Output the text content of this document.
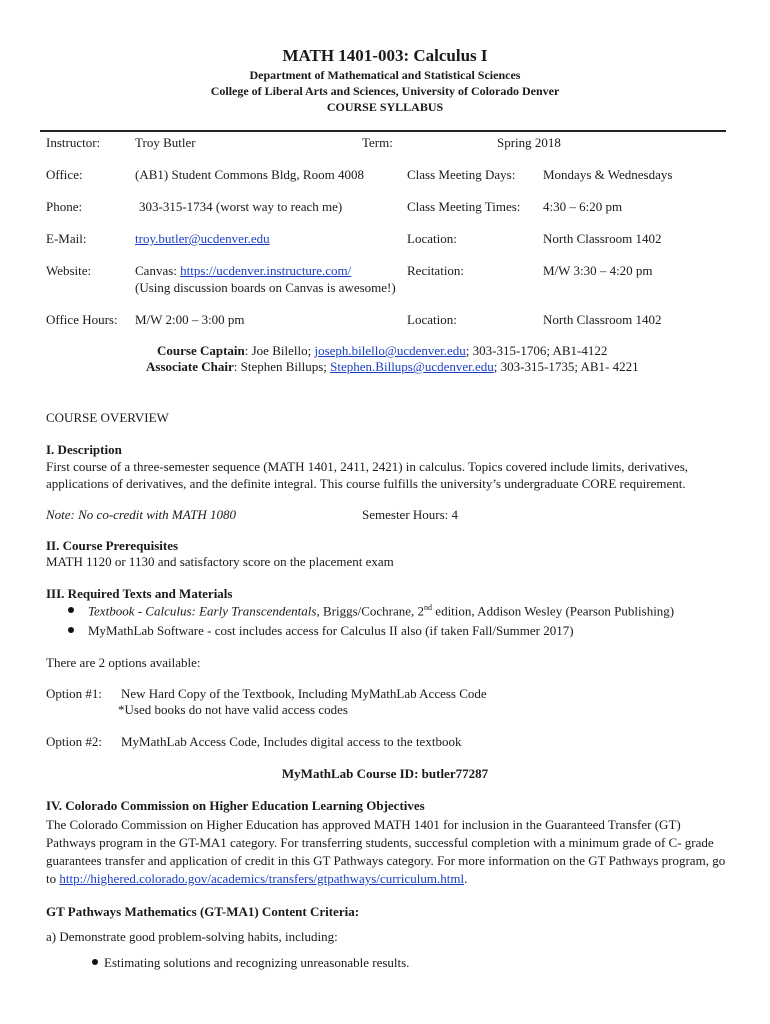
MATH 1401-003: Calculus I
Department of Mathematical and Statistical Sciences
College of Liberal Arts and Sciences, University of Colorado Denver
COURSE SYLLABUS
Instructor:	Troy Butler	Term:	Spring 2018
Office:	(AB1) Student Commons Bldg, Room 4008	Class Meeting Days: Mondays & Wednesdays
Phone:	303-315-1734 (worst way to reach me)	Class Meeting Times: 4:30 – 6:20 pm
E-Mail:	troy.butler@ucdenver.edu	Location:	North Classroom 1402
Website:	Canvas: https://ucdenver.instructure.com/
(Using discussion boards on Canvas is awesome!)
Recitation:	M/W 3:30 – 4:20 pm
Office Hours: M/W 2:00 – 3:00 pm	Location:	North Classroom 1402
Course Captain: Joe Bilello; joseph.bilello@ucdenver.edu; 303-315-1706; AB1-4122
Associate Chair: Stephen Billups; Stephen.Billups@ucdenver.edu; 303-315-1735; AB1- 4221
COURSE OVERVIEW
I. Description
First course of a three-semester sequence (MATH 1401, 2411, 2421) in calculus. Topics covered include limits, derivatives, applications of derivatives, and the definite integral. This course fulfills the university’s undergraduate CORE requirement.
Note: No co-credit with MATH 1080	Semester Hours: 4
II. Course Prerequisites
MATH 1120 or 1130 and satisfactory score on the placement exam
III. Required Texts and Materials
Textbook - Calculus: Early Transcendentals, Briggs/Cochrane, 2nd edition, Addison Wesley (Pearson Publishing)
MyMathLab Software - cost includes access for Calculus II also (if taken Fall/Summer 2017)
There are 2 options available:
Option #1: New Hard Copy of the Textbook, Including MyMathLab Access Code
*Used books do not have valid access codes
Option #2: MyMathLab Access Code, Includes digital access to the textbook
MyMathLab Course ID: butler77287
IV. Colorado Commission on Higher Education Learning Objectives
The Colorado Commission on Higher Education has approved MATH 1401 for inclusion in the Guaranteed Transfer (GT) Pathways program in the GT-MA1 category. For transferring students, successful completion with a minimum grade of C- grade guarantees transfer and application of credit in this GT Pathways category. For more information on the GT Pathways program, go to http://highered.colorado.gov/academics/transfers/gtpathways/curriculum.html.
GT Pathways Mathematics (GT-MA1) Content Criteria:
a) Demonstrate good problem-solving habits, including:
Estimating solutions and recognizing unreasonable results.
